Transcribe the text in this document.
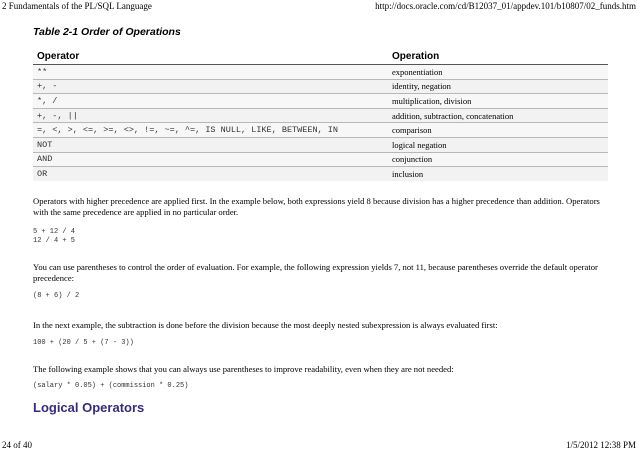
2 Fundamentals of the PL/SQL Language	http://docs.oracle.com/cd/B12037_01/appdev.101/b10807/02_funds.htm
Table 2-1 Order of Operations
Operator	Operation
**	exponentiation
+, -	identity, negation
*, /	multiplication, division
+, -, ||	addition, subtraction, concatenation
=, <, >, <=, >=, <>, !=, ~=, ^=, IS NULL, LIKE, BETWEEN, IN	comparison
NOT	logical negation
AND	conjunction
OR	inclusion
Operators with higher precedence are applied first. In the example below, both expressions yield 8 because division has a higher precedence than addition. Operators with the same precedence are applied in no particular order.
5 + 12 / 4
12 / 4 + 5
You can use parentheses to control the order of evaluation. For example, the following expression yields 7, not 11, because parentheses override the default operator precedence:
(8 + 6) / 2
In the next example, the subtraction is done before the division because the most deeply nested subexpression is always evaluated first:
100 + (20 / 5 + (7 - 3))
The following example shows that you can always use parentheses to improve readability, even when they are not needed:
(salary * 0.05) + (commission * 0.25)
Logical Operators
24 of 40	1/5/2012 12:38 PM
